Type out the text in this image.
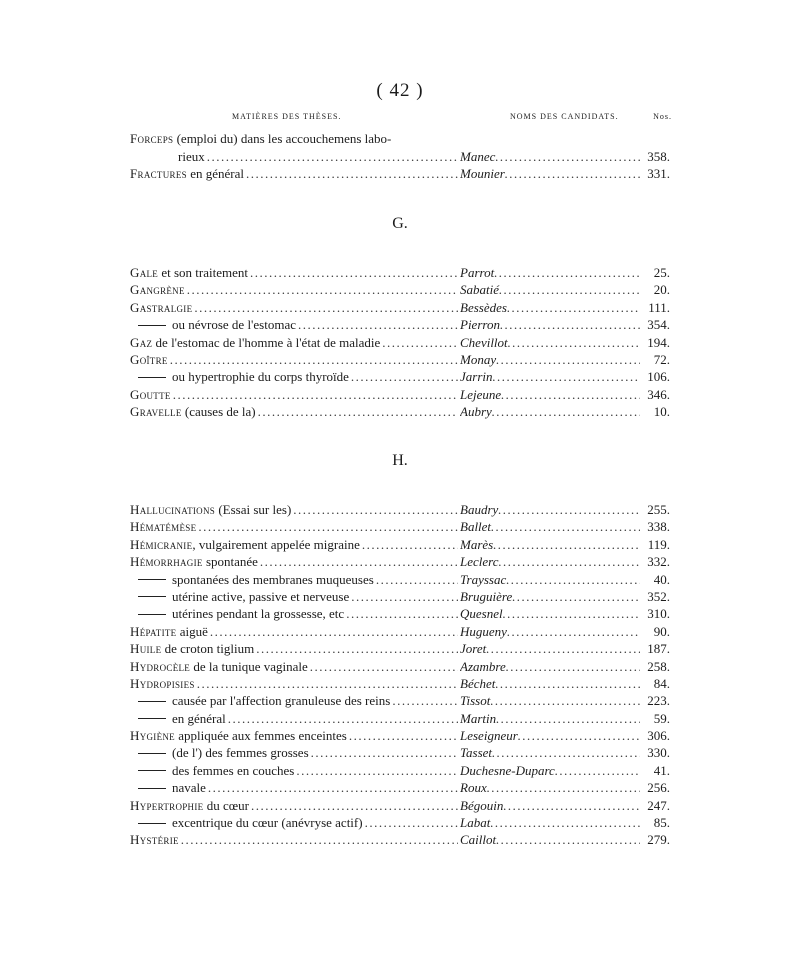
( 42 )
MATIÈRES DES THÈSES.	NOMS DES CANDIDATS.	Nos.
Forceps (emploi du) dans les accouchemens labo-
rieux .....	Manec .....	358.
Fractures en général .....	Mounier .....	331.
G.
Gale et son traitement .....	Parrot .....	25.
Gangrène .....	Sabatié .....	20.
Gastralgie .....	Bessèdes .....	111.
ou névrose de l'estomac .....	Pierron .....	354.
Gaz de l'estomac de l'homme à l'état de maladie .....	Chevillot .....	194.
Goître .....	Monay .....	72.
ou hypertrophie du corps thyroïde .....	Jarrin .....	106.
Goutte .....	Lejeune .....	346.
Gravelle (causes de la) .....	Aubry .....	10.
H.
Hallucinations (Essai sur les) .....	Baudry .....	255.
Hématémèse .....	Ballet .....	338.
Hémicranie, vulgairement appelée migraine .....	Marès .....	119.
Hémorrhagie spontanée .....	Leclerc .....	332.
spontanées des membranes muqueuses .....	Trayssac .....	40.
utérine active, passive et nerveuse .....	Bruguière .....	352.
utérines pendant la grossesse, etc .....	Quesnel .....	310.
Hépatite aiguë .....	Hugueny .....	90.
Huile de croton tiglium .....	Joret .....	187.
Hydrocèle de la tunique vaginale .....	Azambre .....	258.
Hydropisies .....	Béchet .....	84.
causée par l'affection granuleuse des reins .....	Tissot .....	223.
en général .....	Martin .....	59.
Hygiène appliquée aux femmes enceintes .....	Leseigneur .....	306.
(de l') des femmes grosses .....	Tasset .....	330.
des femmes en couches .....	Duchesne-Duparc .....	41.
navale .....	Roux .....	256.
Hypertrophie du cœur .....	Bégouin .....	247.
excentrique du cœur (anévryse actif) .....	Labat .....	85.
Hystérie .....	Caillot .....	279.
